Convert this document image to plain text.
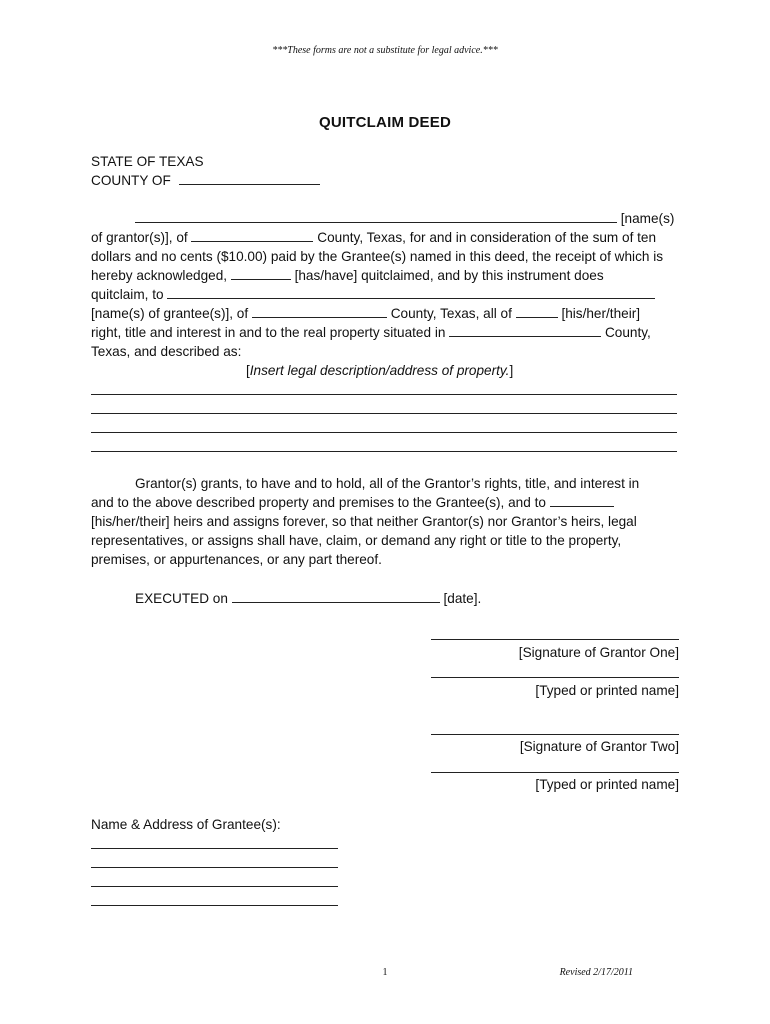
***These forms are not a substitute for legal advice.***
QUITCLAIM DEED
STATE OF TEXAS
COUNTY OF
[name(s)
of grantor(s)], of	County, Texas, for and in consideration of the sum of ten
dollars and no cents ($10.00) paid by the Grantee(s) named in this deed, the receipt of which is
hereby acknowledged,	[has/have] quitclaimed, and by this instrument does
quitclaim, to
[name(s) of grantee(s)], of	County, Texas, all of	[his/her/their]
right, title and interest in and to the real property situated in	County,
Texas, and described as:
[Insert legal description/address of property.]
Grantor(s) grants, to have and to hold, all of the Grantor’s rights, title, and interest in
and to the above described property and premises to the Grantee(s), and to
[his/her/their] heirs and assigns forever, so that neither Grantor(s) nor Grantor’s heirs, legal
representatives, or assigns shall have, claim, or demand any right or title to the property,
premises, or appurtenances, or any part thereof.
EXECUTED on	[date].
[Signature of Grantor One]
[Typed or printed name]
[Signature of Grantor Two]
[Typed or printed name]
Name & Address of Grantee(s):
1	Revised 2/17/2011
